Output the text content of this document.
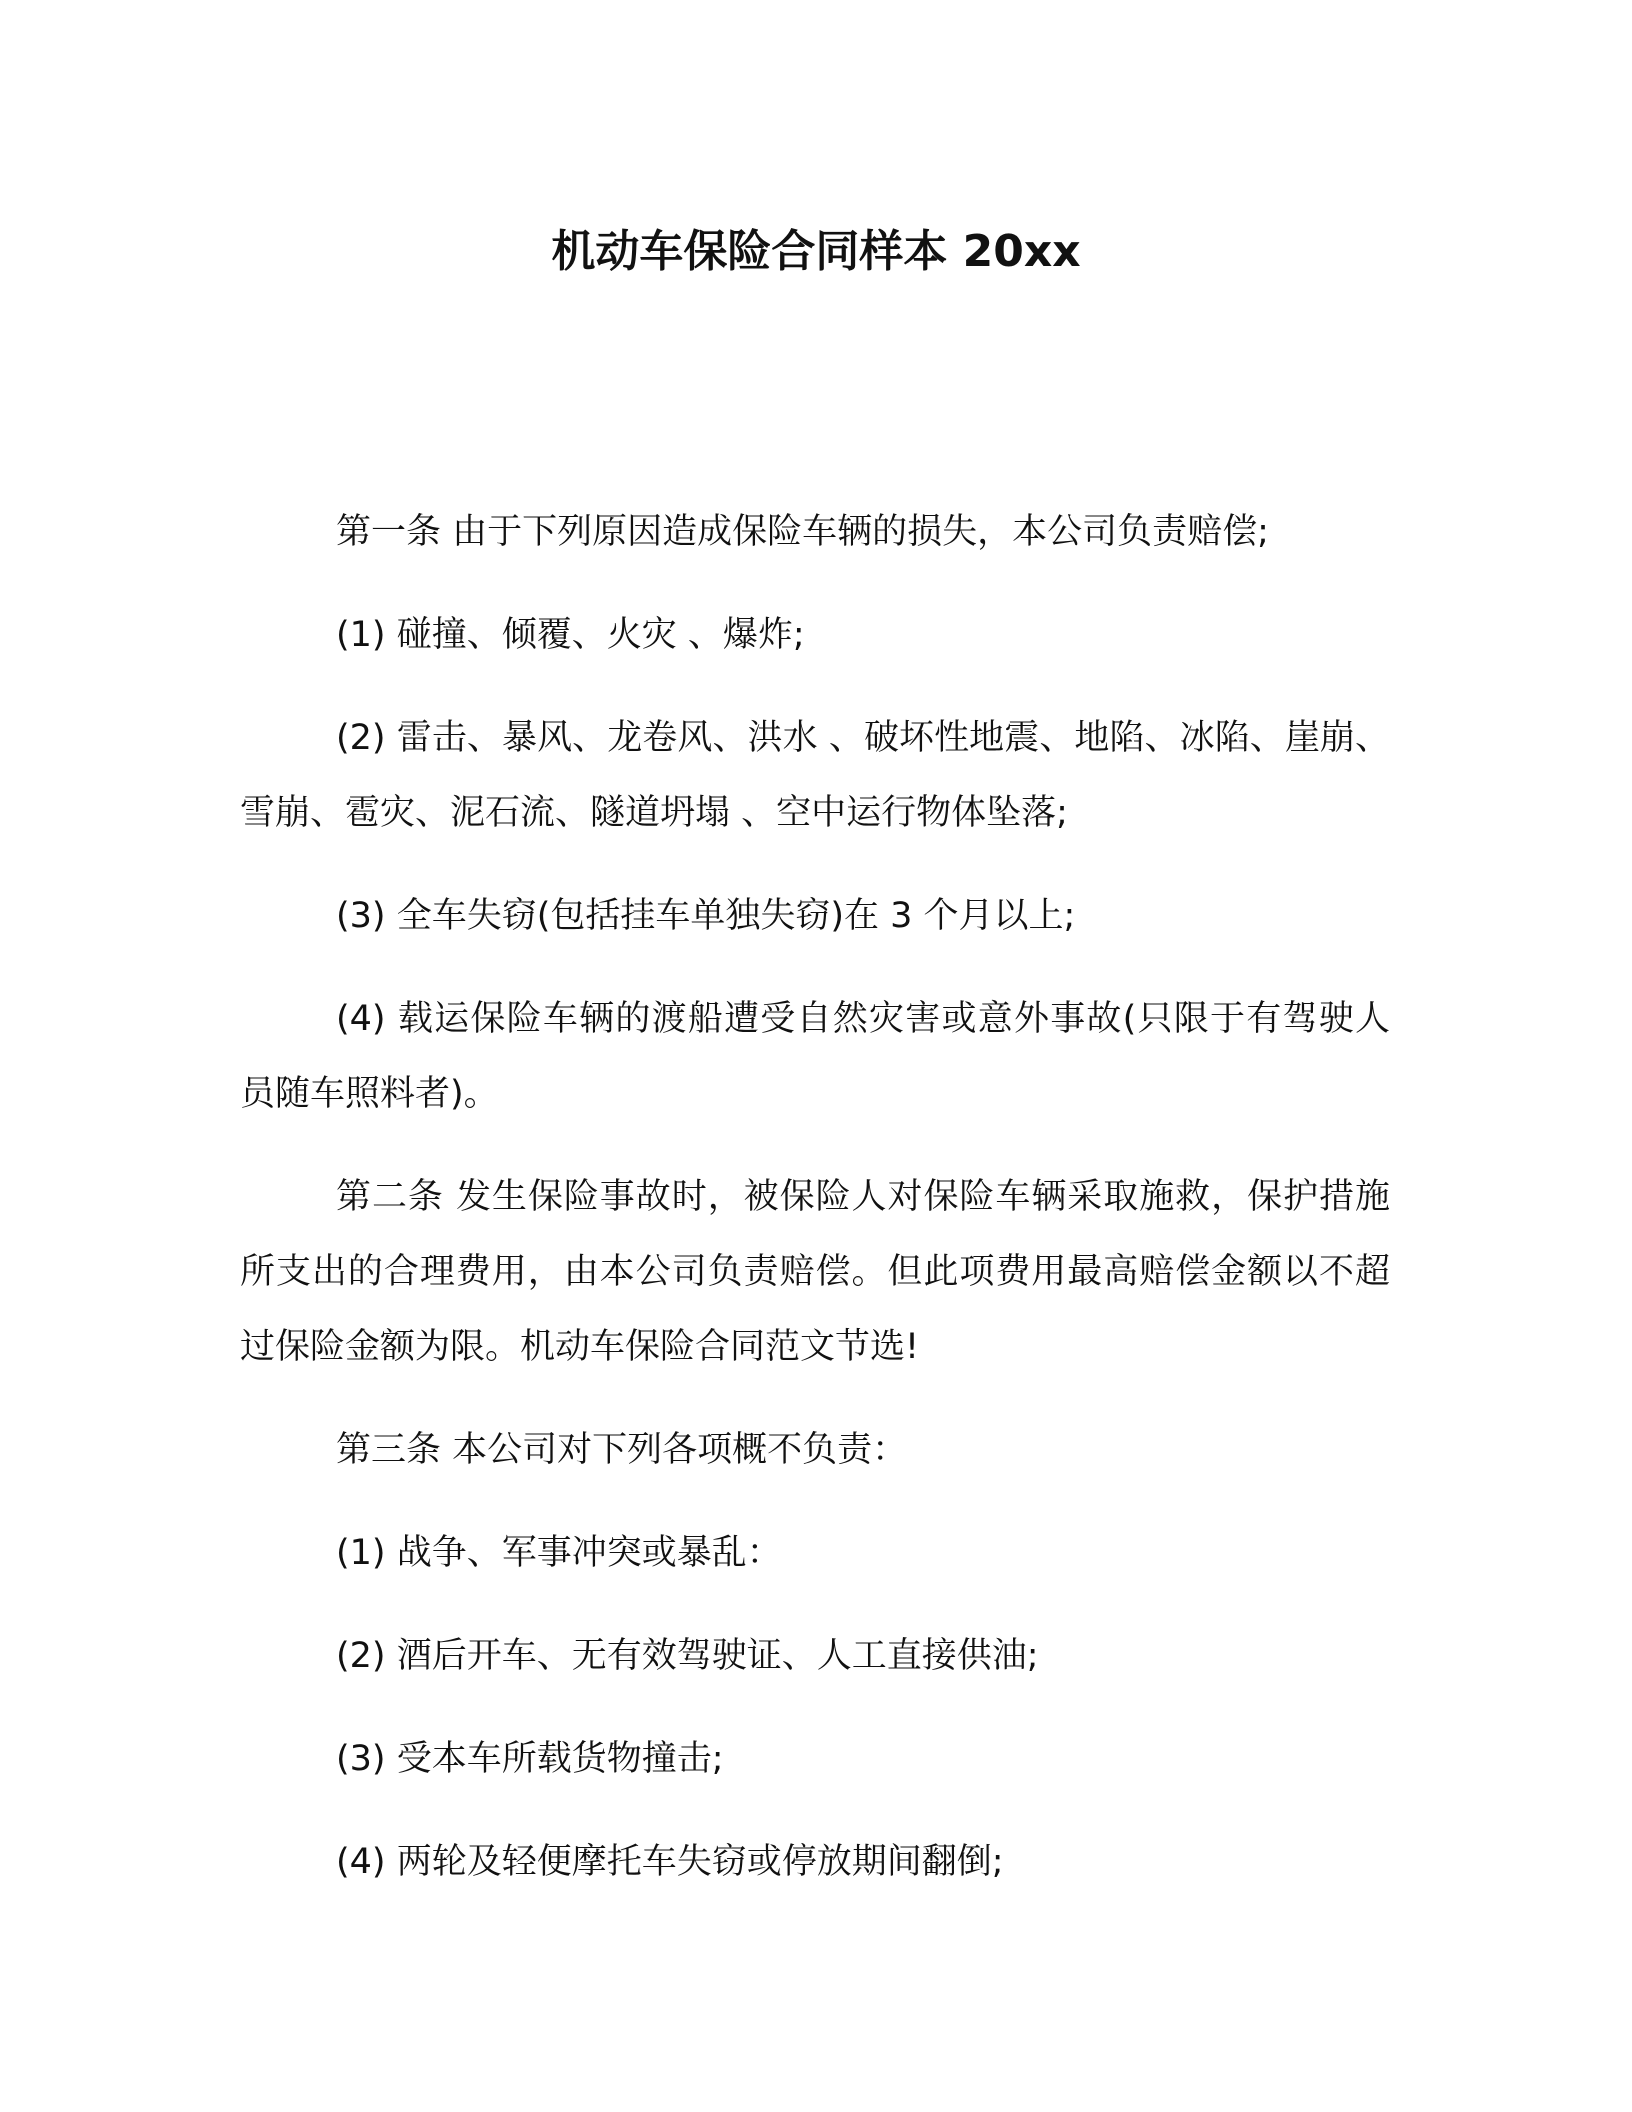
机动车保险合同样本 20xx

第一条 由于下列原因造成保险车辆的损失，本公司负责赔偿;

(1) 碰撞、倾覆、火灾 、爆炸;

(2) 雷击、暴风、龙卷风、洪水 、破坏性地震、地陷、冰陷、崖崩、雪崩、雹灾、泥石流、隧道坍塌 、空中运行物体坠落;

(3) 全车失窃(包括挂车单独失窃)在 3 个月以上;

(4) 载运保险车辆的渡船遭受自然灾害或意外事故(只限于有驾驶人员随车照料者)。

第二条 发生保险事故时，被保险人对保险车辆采取施救，保护措施所支出的合理费用，由本公司负责赔偿。但此项费用最高赔偿金额以不超过保险金额为限。机动车保险合同范文节选!

第三条 本公司对下列各项概不负责：

(1) 战争、军事冲突或暴乱：

(2) 酒后开车、无有效驾驶证、人工直接供油;

(3) 受本车所载货物撞击;

(4) 两轮及轻便摩托车失窃或停放期间翻倒;
